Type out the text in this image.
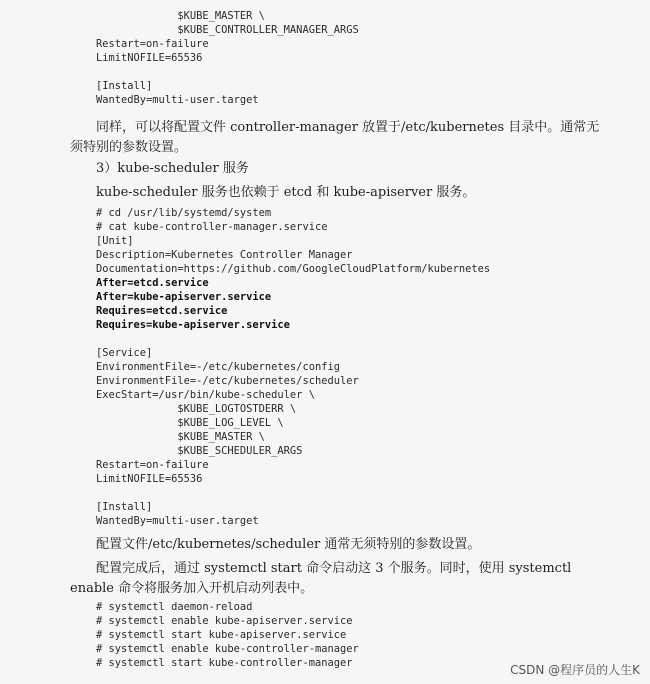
$KUBE_MASTER \
$KUBE_CONTROLLER_MANAGER_ARGS
Restart=on-failure
LimitNOFILE=65536
[Install]
WantedBy=multi-user.target

同样，可以将配置文件 controller-manager 放置于/etc/kubernetes 目录中。通常无须特别的参数设置。

3）kube-scheduler 服务

kube-scheduler 服务也依赖于 etcd 和 kube-apiserver 服务。

# cd /usr/lib/systemd/system
# cat kube-controller-manager.service
[Unit]
Description=Kubernetes Controller Manager
Documentation=https://github.com/GoogleCloudPlatform/kubernetes
After=etcd.service
After=kube-apiserver.service
Requires=etcd.service
Requires=kube-apiserver.service
[Service]
EnvironmentFile=-/etc/kubernetes/config
EnvironmentFile=-/etc/kubernetes/scheduler
ExecStart=/usr/bin/kube-scheduler \
$KUBE_LOGTOSTDERR \
$KUBE_LOG_LEVEL \
$KUBE_MASTER \
$KUBE_SCHEDULER_ARGS
Restart=on-failure
LimitNOFILE=65536
[Install]
WantedBy=multi-user.target

配置文件/etc/kubernetes/scheduler 通常无须特别的参数设置。

配置完成后，通过 systemctl start 命令启动这 3 个服务。同时，使用 systemctl enable 命令将服务加入开机启动列表中。

# systemctl daemon-reload
# systemctl enable kube-apiserver.service
# systemctl start kube-apiserver.service
# systemctl enable kube-controller-manager
# systemctl start kube-controller-manager	CSDN @程序员的人生K
